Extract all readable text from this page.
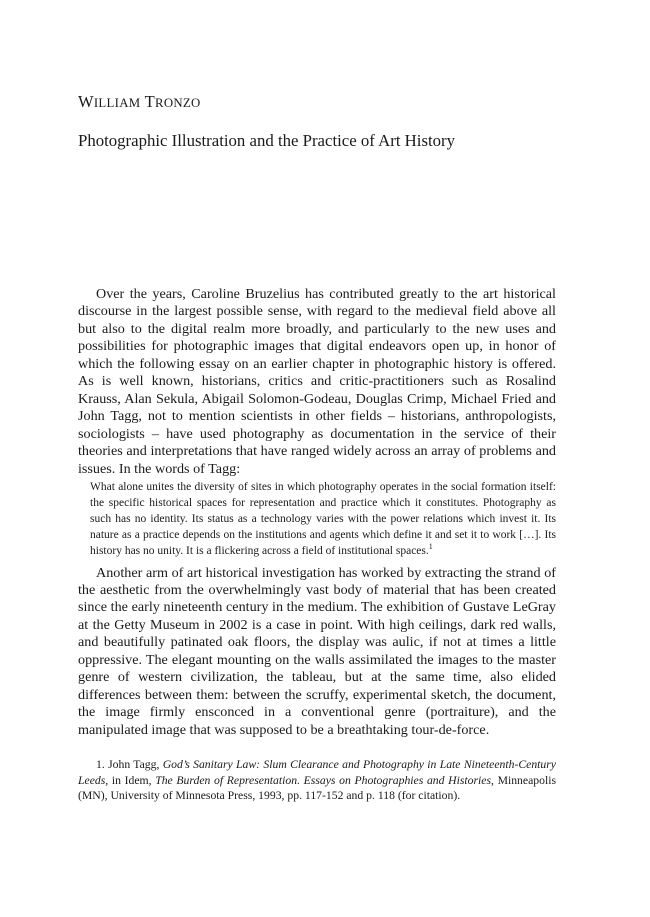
WILLIAM TRONZO
Photographic Illustration and the Practice of Art History

Over the years, Caroline Bruzelius has contributed greatly to the art historical discourse in the largest possible sense, with regard to the medieval field above all but also to the digital realm more broadly, and particularly to the new uses and possibilities for photographic images that digital endeavors open up, in honor of which the following essay on an earlier chapter in photographic history is offered. As is well known, historians, critics and critic-practitioners such as Rosalind Krauss, Alan Sekula, Abigail Solomon-Godeau, Douglas Crimp, Michael Fried and John Tagg, not to mention scientists in other fields – historians, anthropologists, sociologists – have used photography as documentation in the service of their theories and interpretations that have ranged widely across an array of problems and issues. In the words of Tagg:

What alone unites the diversity of sites in which photography operates in the social formation itself: the specific historical spaces for representation and practice which it constitutes. Photography as such has no identity. Its status as a technology varies with the power relations which invest it. Its nature as a practice depends on the institutions and agents which define it and set it to work […]. Its history has no unity. It is a flickering across a field of institutional spaces.$^1$

Another arm of art historical investigation has worked by extracting the strand of the aesthetic from the overwhelmingly vast body of material that has been created since the early nineteenth century in the medium. The exhibition of Gustave LeGray at the Getty Museum in 2002 is a case in point. With high ceilings, dark red walls, and beautifully patinated oak floors, the display was aulic, if not at times a little oppressive. The elegant mounting on the walls assimilated the images to the master genre of western civilization, the tableau, but at the same time, also elided differences between them: between the scruffy, experimental sketch, the document, the image firmly ensconced in a conventional genre (portraiture), and the manipulated image that was supposed to be a breathtaking tour-de-force.

1. John Tagg, God’s Sanitary Law: Slum Clearance and Photography in Late Nineteenth-Century Leeds, in Idem, The Burden of Representation. Essays on Photographies and Histories, Minneapolis (MN), University of Minnesota Press, 1993, pp. 117-152 and p. 118 (for citation).
